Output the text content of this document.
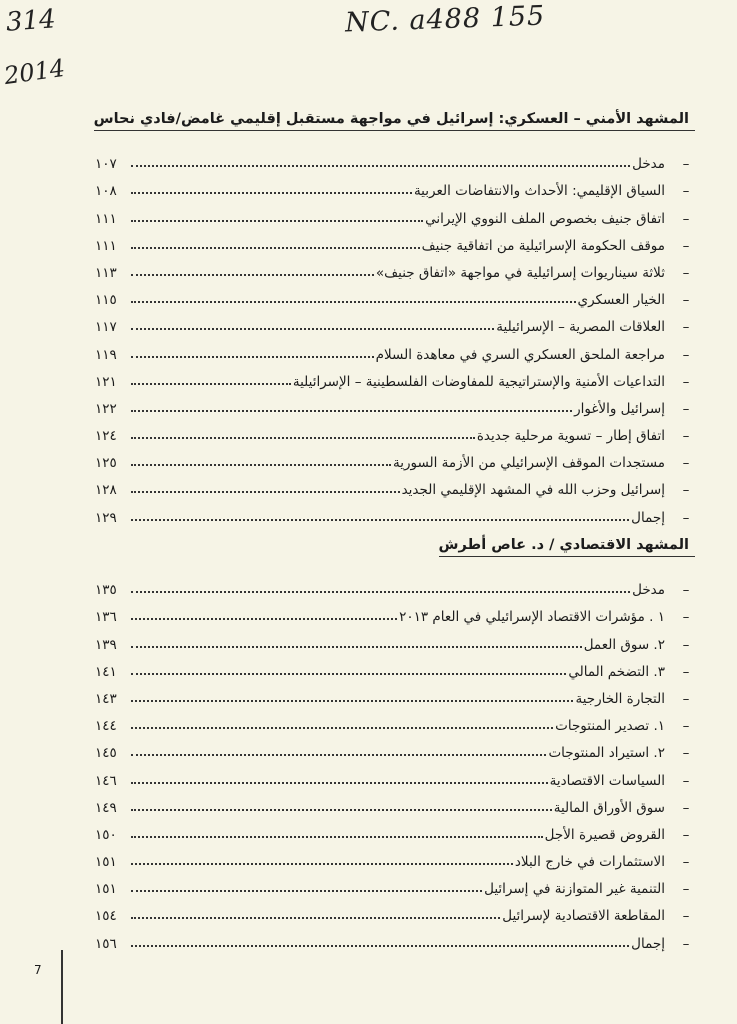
314
2014
NC. a488 155
المشهد الأمني – العسكري: إسرائيل في مواجهة مستقبل إقليمي غامض/فادي نحاس
–
مدخل
١٠٧
–
السياق الإقليمي: الأحداث والانتفاضات العربية
١٠٨
–
اتفاق جنيف بخصوص الملف النووي الإيراني
١١١
–
موقف الحكومة الإسرائيلية من اتفاقية جنيف
١١١
–
ثلاثة سيناريوات إسرائيلية في مواجهة «اتفاق جنيف»
١١٣
–
الخيار العسكري
١١٥
–
العلاقات المصرية – الإسرائيلية
١١٧
–
مراجعة الملحق العسكري السري في معاهدة السلام
١١٩
–
التداعيات الأمنية والإستراتيجية للمفاوضات الفلسطينية – الإسرائيلية
١٢١
–
إسرائيل والأغوار
١٢٢
–
اتفاق إطار – تسوية مرحلية جديدة
١٢٤
–
مستجدات الموقف الإسرائيلي من الأزمة السورية
١٢٥
–
إسرائيل وحزب الله في المشهد الإقليمي الجديد
١٢٨
–
إجمال
١٢٩
المشهد الاقتصادي / د. عاص أطرش
–
مدخل
١٣٥
–
١ . مؤشرات الاقتصاد الإسرائيلي في العام ٢٠١٣
١٣٦
–
٢. سوق العمل
١٣٩
–
٣. التضخم المالي
١٤١
–
التجارة الخارجية
١٤٣
–
١. تصدير المنتوجات
١٤٤
–
٢. استيراد المنتوجات
١٤٥
–
السياسات الاقتصادية
١٤٦
–
سوق الأوراق المالية
١٤٩
–
القروض قصيرة الأجل
١٥٠
–
الاستثمارات في خارج البلاد
١٥١
–
التنمية غير المتوازنة في إسرائيل
١٥١
–
المقاطعة الاقتصادية لإسرائيل
١٥٤
–
إجمال
١٥٦
7
